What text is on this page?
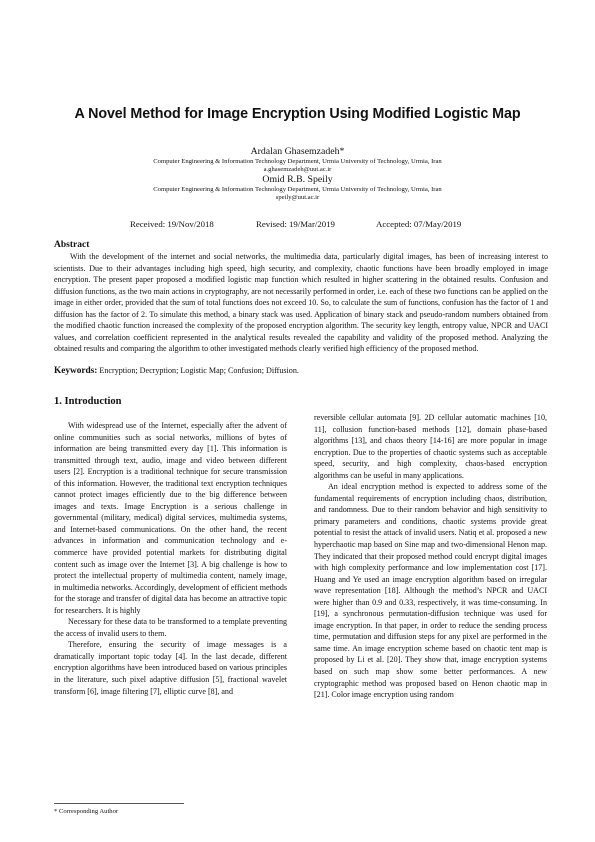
A Novel Method for Image Encryption Using Modified Logistic Map
Ardalan Ghasemzadeh*
Computer Engineering & Information Technology Department, Urmia University of Technology, Urmia, Iran
a.ghasemzadeh@uut.ac.ir
Omid R.B. Speily
Computer Engineering & Information Technology Department, Urmia University of Technology, Urmia, Iran
speily@uut.ac.ir
Received: 19/Nov/2018	Revised: 19/Mar/2019	Accepted: 07/May/2019
Abstract
With the development of the internet and social networks, the multimedia data, particularly digital images, has been of increasing interest to scientists. Due to their advantages including high speed, high security, and complexity, chaotic functions have been broadly employed in image encryption. The present paper proposed a modified logistic map function which resulted in higher scattering in the obtained results. Confusion and diffusion functions, as the two main actions in cryptography, are not necessarily performed in order, i.e. each of these two functions can be applied on the image in either order, provided that the sum of total functions does not exceed 10. So, to calculate the sum of functions, confusion has the factor of 1 and diffusion has the factor of 2. To simulate this method, a binary stack was used. Application of binary stack and pseudo-random numbers obtained from the modified chaotic function increased the complexity of the proposed encryption algorithm. The security key length, entropy value, NPCR and UACI values, and correlation coefficient represented in the analytical results revealed the capability and validity of the proposed method. Analyzing the obtained results and comparing the algorithm to other investigated methods clearly verified high efficiency of the proposed method.
Keywords: Encryption; Decryption; Logistic Map; Confusion; Diffusion.
1. Introduction

With widespread use of the Internet, especially after the advent of online communities such as social networks, millions of bytes of information are being transmitted every day [1]. This information is transmitted through text, audio, image and video between different users [2]. Encryption is a traditional technique for secure transmission of this information. However, the traditional text encryption techniques cannot protect images efficiently due to the big difference between images and texts. Image Encryption is a serious challenge in governmental (military, medical) digital services, multimedia systems, and Internet-based communications. On the other hand, the recent advances in information and communication technology and e-commerce have provided potential markets for distributing digital content such as image over the Internet [3]. A big challenge is how to protect the intellectual property of multimedia content, namely image, in multimedia networks. Accordingly, development of efficient methods for the storage and transfer of digital data has become an attractive topic for researchers. It is highly

Necessary for these data to be transformed to a template preventing the access of invalid users to them.

Therefore, ensuring the security of image messages is a dramatically important topic today [4]. In the last decade, different encryption algorithms have been introduced based on various principles in the literature, such pixel adaptive diffusion [5], fractional wavelet transform [6], image filtering [7], elliptic curve [8], and

reversible cellular automata [9]. 2D cellular automatic machines [10, 11], collusion function-based methods [12], domain phase-based algorithms [13], and chaos theory [14-16] are more popular in image encryption. Due to the properties of chaotic systems such as acceptable speed, security, and high complexity, chaos-based encryption algorithms can be useful in many applications.

An ideal encryption method is expected to address some of the fundamental requirements of encryption including chaos, distribution, and randomness. Due to their random behavior and high sensitivity to primary parameters and conditions, chaotic systems provide great potential to resist the attack of invalid users. Natiq et al. proposed a new hyperchaotic map based on Sine map and two-dimensional Henon map. They indicated that their proposed method could encrypt digital images with high complexity performance and low implementation cost [17]. Huang and Ye used an image encryption algorithm based on irregular wave representation [18]. Although the method’s NPCR and UACI were higher than 0.9 and 0.33, respectively, it was time-consuming. In [19], a synchronous permutation-diffusion technique was used for image encryption. In that paper, in order to reduce the sending process time, permutation and diffusion steps for any pixel are performed in the same time. An image encryption scheme based on chaotic tent map is proposed by Li et al. [20]. They show that, image encryption systems based on such map show some better performances. A new cryptographic method was proposed based on Henon chaotic map in [21]. Color image encryption using random

* Corresponding Author
